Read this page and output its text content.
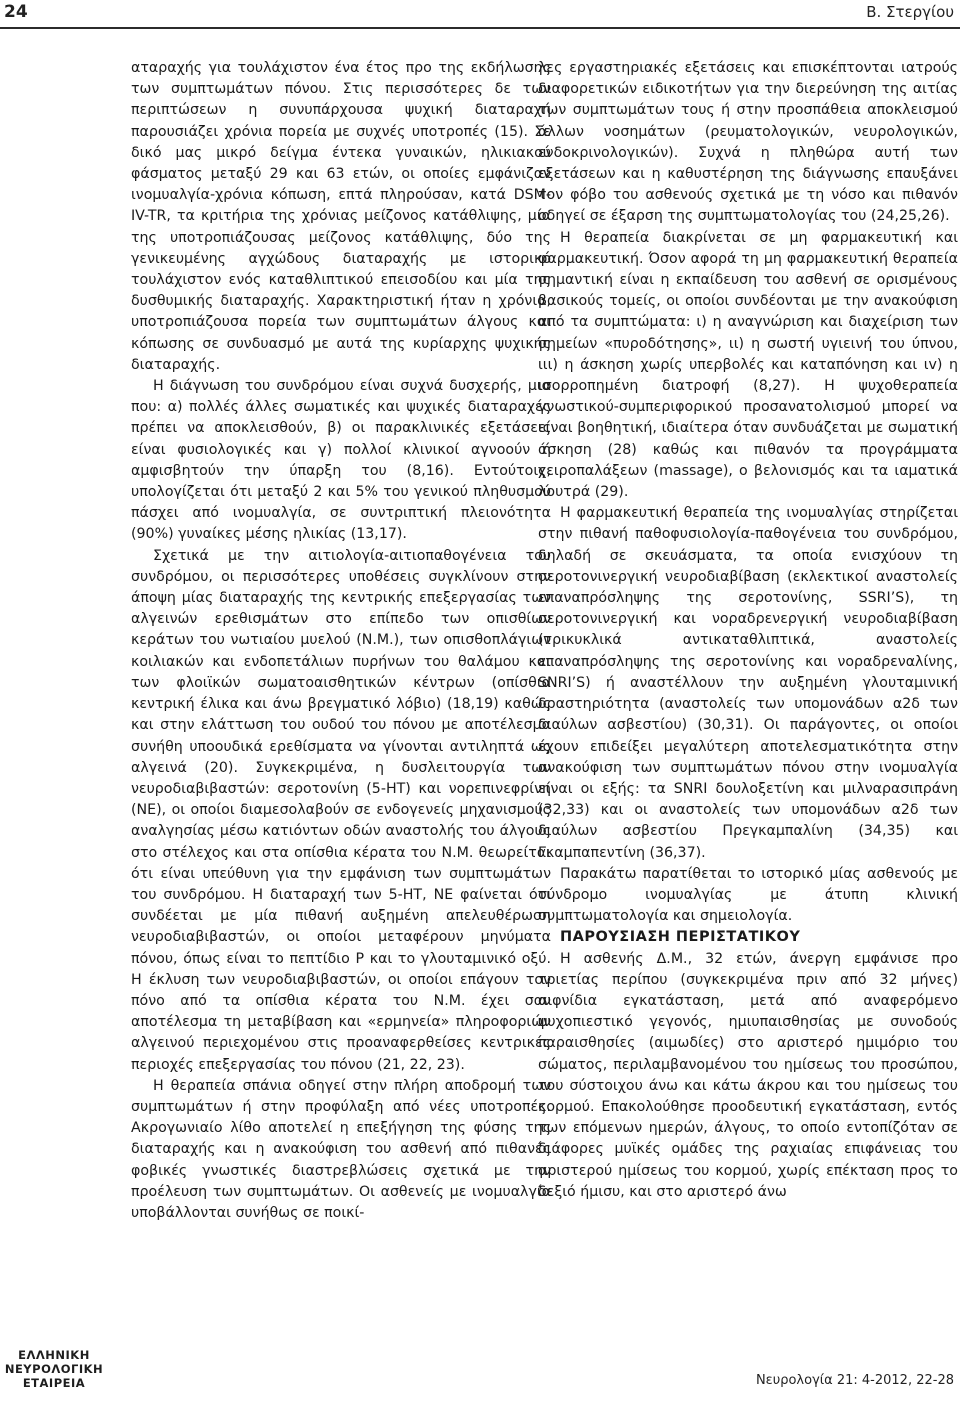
24	Β. Στεργίου

αταραχής για τουλάχιστον ένα έτος προ της εκδήλωσης των συμπτωμάτων πόνου. Στις περισσότερες δε των περιπτώσεων η συνυπάρχουσα ψυχική διαταραχή παρουσιάζει χρόνια πορεία με συχνές υποτροπές (15). Σε δικό μας μικρό δείγμα έντεκα γυναικών, ηλικιακού φάσματος μεταξύ 29 και 63 ετών, οι οποίες εμφάνιζαν ινομυαλγία-χρόνια κόπωση, επτά πληρούσαν, κατά DSM-IV-TR, τα κριτήρια της χρόνιας μείζονος κατάθλιψης, μία της υποτροπιάζουσας μείζονος κατάθλιψης, δύο της γενικευμένης αγχώδους διαταραχής με ιστορικό τουλάχιστον ενός καταθλιπτικού επεισοδίου και μία της δυσθυμικής διαταραχής. Χαρακτηριστική ήταν η χρόνια, υποτροπιάζουσα πορεία των συμπτωμάτων άλγους και κόπωσης σε συνδυασμό με αυτά της κυρίαρχης ψυχικής διαταραχής.

Η διάγνωση του συνδρόμου είναι συχνά δυσχερής, μια που: α) πολλές άλλες σωματικές και ψυχικές διαταραχές πρέπει να αποκλεισθούν, β) οι παρακλινικές εξετάσεις είναι φυσιολογικές και γ) πολλοί κλινικοί αγνοούν ή αμφισβητούν την ύπαρξη του (8,16). Εντούτοις, υπολογίζεται ότι μεταξύ 2 και 5% του γενικού πληθυσμού πάσχει από ινομυαλγία, σε συντριπτική πλειονότητα (90%) γυναίκες μέσης ηλικίας (13,17).

Σχετικά με την αιτιολογία-αιτιοπαθογένεια του συνδρόμου, οι περισσότερες υποθέσεις συγκλίνουν στην άποψη μίας διαταραχής της κεντρικής επεξεργασίας των αλγεινών ερεθισμάτων στο επίπεδο των οπισθίων κεράτων του νωτιαίου μυελού (Ν.Μ.), των οπισθοπλάγιων κοιλιακών και ενδοπετάλιων πυρήνων του θαλάμου και των φλοιϊκών σωματοαισθητικών κέντρων (οπίσθια κεντρική έλικα και άνω βρεγματικό λόβιο) (18,19) καθώς και στην ελάττωση του ουδού του πόνου με αποτέλεσμα συνήθη υποουδικά ερεθίσματα να γίνονται αντιληπτά ως αλγεινά (20). Συγκεκριμένα, η δυσλειτουργία των νευροδιαβιβαστών: σεροτονίνη (5-ΗΤ) και νορεπινεφρίνη (ΝΕ), οι οποίοι διαμεσολαβούν σε ενδογενείς μηχανισμούς αναλγησίας μέσω κατιόντων οδών αναστολής του άλγους στο στέλεχος και στα οπίσθια κέρατα του Ν.Μ. θεωρείται ότι είναι υπεύθυνη για την εμφάνιση των συμπτωμάτων του συνδρόμου. Η διαταραχή των 5-ΗΤ, ΝΕ φαίνεται ότι συνδέεται με μία πιθανή αυξημένη απελευθέρωση νευροδιαβιβαστών, οι οποίοι μεταφέρουν μηνύματα πόνου, όπως είναι το πεπτίδιο P και το γλουταμινικό οξύ. Η έκλυση των νευροδιαβιβαστών, οι οποίοι επάγουν τον πόνο από τα οπίσθια κέρατα του Ν.Μ. έχει σαν αποτέλεσμα τη μεταβίβαση και «ερμηνεία» πληροφοριών αλγεινού περιεχομένου στις προαναφερθείσες κεντρικές περιοχές επεξεργασίας του πόνου (21, 22, 23).

Η θεραπεία σπάνια οδηγεί στην πλήρη αποδρομή των συμπτωμάτων ή στην προφύλαξη από νέες υποτροπές. Ακρογωνιαίο λίθο αποτελεί η επεξήγηση της φύσης της διαταραχής και η ανακούφιση του ασθενή από πιθανές φοβικές γνωστικές διαστρεβλώσεις σχετικά με την προέλευση των συμπτωμάτων. Οι ασθενείς με ινομυαλγία υποβάλλονται συνήθως σε ποικί-

λες εργαστηριακές εξετάσεις και επισκέπτονται ιατρούς διαφορετικών ειδικοτήτων για την διερεύνηση της αιτίας των συμπτωμάτων τους ή στην προσπάθεια αποκλεισμού άλλων νοσημάτων (ρευματολογικών, νευρολογικών, ενδοκρινολογικών). Συχνά η πληθώρα αυτή των εξετάσεων και η καθυστέρηση της διάγνωσης επαυξάνει τον φόβο του ασθενούς σχετικά με τη νόσο και πιθανόν οδηγεί σε έξαρση της συμπτωματολογίας του (24,25,26).

Η θεραπεία διακρίνεται σε μη φαρμακευτική και φαρμακευτική. Όσον αφορά τη μη φαρμακευτική θεραπεία σημαντική είναι η εκπαίδευση του ασθενή σε ορισμένους βασικούς τομείς, οι οποίοι συνδέονται με την ανακούφιση από τα συμπτώματα: ι) η αναγνώριση και διαχείριση των σημείων «πυροδότησης», ιι) η σωστή υγιεινή του ύπνου, ιιι) η άσκηση χωρίς υπερβολές και καταπόνηση και ιv) η ισορροπημένη διατροφή (8,27). Η ψυχοθεραπεία γνωστικού-συμπεριφορικού προσανατολισμού μπορεί να είναι βοηθητική, ιδιαίτερα όταν συνδυάζεται με σωματική άσκηση (28) καθώς και πιθανόν τα προγράμματα χειροπαλάξεων (massage), ο βελονισμός και τα ιαματικά λουτρά (29).

Η φαρμακευτική θεραπεία της ινομυαλγίας στηρίζεται στην πιθανή παθοφυσιολογία-παθογένεια του συνδρόμου, δηλαδή σε σκευάσματα, τα οποία ενισχύουν τη σεροτονινεργική νευροδιαβίβαση (εκλεκτικοί αναστολείς επαναπρόσληψης της σεροτονίνης, SSRI’S), τη σεροτονινεργική και νοραδρενεργική νευροδιαβίβαση (τρικυκλικά αντικαταθλιπτικά, αναστολείς επαναπρόσληψης της σεροτονίνης και νοραδρεναλίνης, SNRI’S) ή αναστέλλουν την αυξημένη γλουταμινική δραστηριότητα (αναστολείς των υπομονάδων α2δ των διαύλων ασβεστίου) (30,31). Οι παράγοντες, οι οποίοι έχουν επιδείξει μεγαλύτερη αποτελεσματικότητα στην ανακούφιση των συμπτωμάτων πόνου στην ινομυαλγία είναι οι εξής: τα SNRI δουλοξετίνη και μιλναρασιπράνη (32,33) και οι αναστολείς των υπομονάδων α2δ των διαύλων ασβεστίου Πρεγκαμπαλίνη (34,35) και Γκαμπαπεντίνη (36,37).

Παρακάτω παρατίθεται το ιστορικό μίας ασθενούς με σύνδρομο ινομυαλγίας με άτυπη κλινική συμπτωματολογία και σημειολογία.

ΠΑΡΟΥΣΙΑΣΗ ΠΕΡΙΣΤΑΤΙΚΟΥ

Η ασθενής Δ.Μ., 32 ετών, άνεργη εμφάνισε προ τριετίας περίπου (συγκεκριμένα πριν από 32 μήνες) αιφνίδια εγκατάσταση, μετά από αναφερόμενο ψυχοπιεστικό γεγονός, ημιυπαισθησίας με συνοδούς παραισθησίες (αιμωδίες) στο αριστερό ημιμόριο του σώματος, περιλαμβανομένου του ημίσεως του προσώπου, του σύστοιχου άνω και κάτω άκρου και του ημίσεως του κορμού. Επακολούθησε προοδευτική εγκατάσταση, εντός των επόμενων ημερών, άλγους, το οποίο εντοπίζόταν σε διάφορες μυϊκές ομάδες της ραχιαίας επιφάνειας του αριστερού ημίσεως του κορμού, χωρίς επέκταση προς το δεξιό ήμισυ, και στο αριστερό άνω

ΕΛΛΗΝΙΚΗ
ΝΕΥΡΟΛΟΓΙΚΗ
ΕΤΑΙΡΕΙΑ	Νευρολογία 21: 4-2012, 22-28
